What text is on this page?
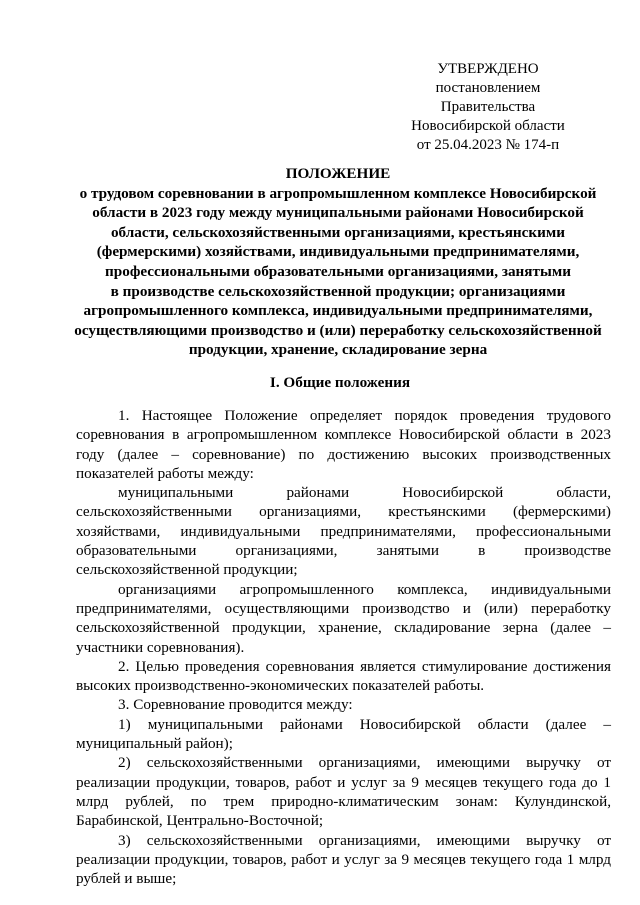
УТВЕРЖДЕНО
постановлением Правительства
Новосибирской области
от 25.04.2023 № 174-п
ПОЛОЖЕНИЕ
о трудовом соревновании в агропромышленном комплексе Новосибирской
области в 2023 году между муниципальными районами Новосибирской
области, сельскохозяйственными организациями, крестьянскими
(фермерскими) хозяйствами, индивидуальными предпринимателями,
профессиональными образовательными организациями, занятыми
в производстве сельскохозяйственной продукции; организациями
агропромышленного комплекса, индивидуальными предпринимателями,
осуществляющими производство и (или) переработку сельскохозяйственной
продукции, хранение, складирование зерна
I. Общие положения

1. Настоящее Положение определяет порядок проведения трудового соревнования в агропромышленном комплексе Новосибирской области в 2023 году (далее – соревнование) по достижению высоких производственных показателей работы между:

муниципальными районами Новосибирской области, сельскохозяйственными организациями, крестьянскими (фермерскими) хозяйствами, индивидуальными предпринимателями, профессиональными образовательными организациями, занятыми в производстве сельскохозяйственной продукции;

организациями агропромышленного комплекса, индивидуальными предпринимателями, осуществляющими производство и (или) переработку сельскохозяйственной продукции, хранение, складирование зерна (далее – участники соревнования).

2. Целью проведения соревнования является стимулирование достижения высоких производственно-экономических показателей работы.

3. Соревнование проводится между:

1) муниципальными районами Новосибирской области (далее – муниципальный район);

2) сельскохозяйственными организациями, имеющими выручку от реализации продукции, товаров, работ и услуг за 9 месяцев текущего года до 1 млрд рублей, по трем природно-климатическим зонам: Кулундинской, Барабинской, Центрально-Восточной;

3) сельскохозяйственными организациями, имеющими выручку от реализации продукции, товаров, работ и услуг за 9 месяцев текущего года 1 млрд рублей и выше;
